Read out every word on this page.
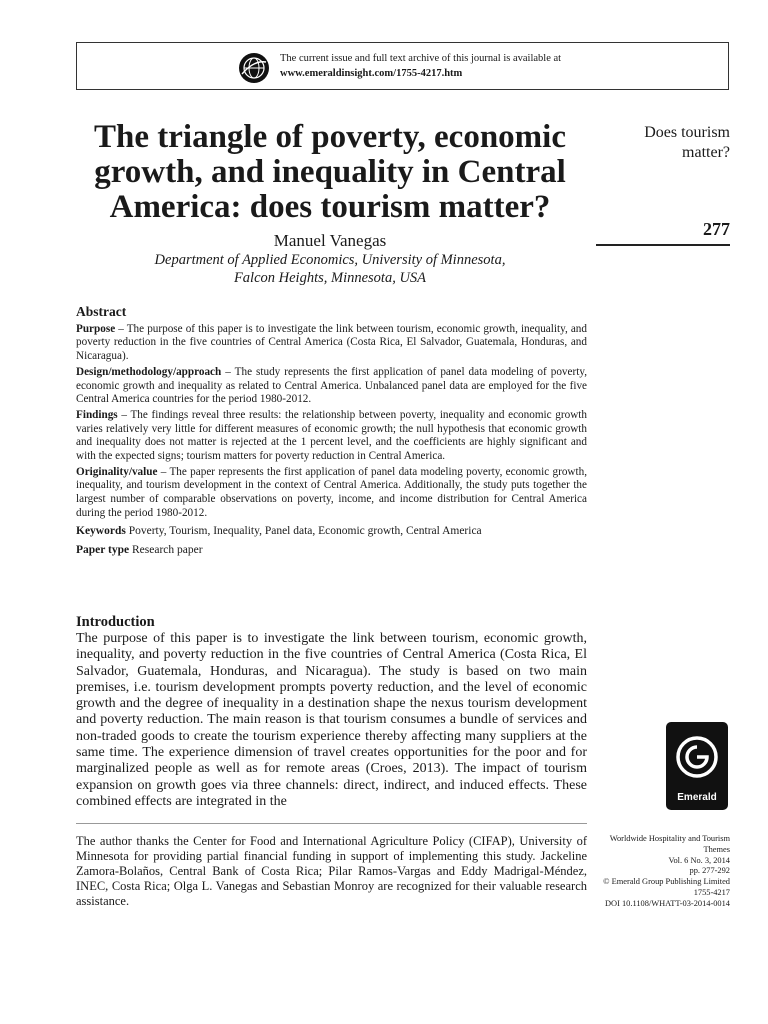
The current issue and full text archive of this journal is available at
www.emeraldinsight.com/1755-4217.htm
The triangle of poverty, economic growth, and inequality in Central America: does tourism matter?
Manuel Vanegas
Department of Applied Economics, University of Minnesota,
Falcon Heights, Minnesota, USA
Does tourism matter?
277
Abstract
Purpose – The purpose of this paper is to investigate the link between tourism, economic growth, inequality, and poverty reduction in the five countries of Central America (Costa Rica, El Salvador, Guatemala, Honduras, and Nicaragua).
Design/methodology/approach – The study represents the first application of panel data modeling of poverty, economic growth and inequality as related to Central America. Unbalanced panel data are employed for the five Central America countries for the period 1980-2012.
Findings – The findings reveal three results: the relationship between poverty, inequality and economic growth varies relatively very little for different measures of economic growth; the null hypothesis that economic growth and inequality does not matter is rejected at the 1 percent level, and the coefficients are highly significant and with the expected signs; tourism matters for poverty reduction in Central America.
Originality/value – The paper represents the first application of panel data modeling poverty, economic growth, inequality, and tourism development in the context of Central America. Additionally, the study puts together the largest number of comparable observations on poverty, income, and income distribution for Central America during the period 1980-2012.
Keywords Poverty, Tourism, Inequality, Panel data, Economic growth, Central America
Paper type Research paper
Introduction
The purpose of this paper is to investigate the link between tourism, economic growth, inequality, and poverty reduction in the five countries of Central America (Costa Rica, El Salvador, Guatemala, Honduras, and Nicaragua). The study is based on two main premises, i.e. tourism development prompts poverty reduction, and the level of economic growth and the degree of inequality in a destination shape the nexus tourism development and poverty reduction. The main reason is that tourism consumes a bundle of services and non-traded goods to create the tourism experience thereby affecting many suppliers at the same time. The experience dimension of travel creates opportunities for the poor and for marginalized people as well as for remote areas (Croes, 2013). The impact of tourism expansion on growth goes via three channels: direct, indirect, and induced effects. These combined effects are integrated in the
The author thanks the Center for Food and International Agriculture Policy (CIFAP), University of Minnesota for providing partial financial funding in support of implementing this study. Jackeline Zamora-Bolaños, Central Bank of Costa Rica; Pilar Ramos-Vargas and Eddy Madrigal-Méndez, INEC, Costa Rica; Olga L. Vanegas and Sebastian Monroy are recognized for their valuable research assistance.
Emerald
Worldwide Hospitality and Tourism
Themes
Vol. 6 No. 3, 2014
pp. 277-292
© Emerald Group Publishing Limited
1755-4217
DOI 10.1108/WHATT-03-2014-0014
